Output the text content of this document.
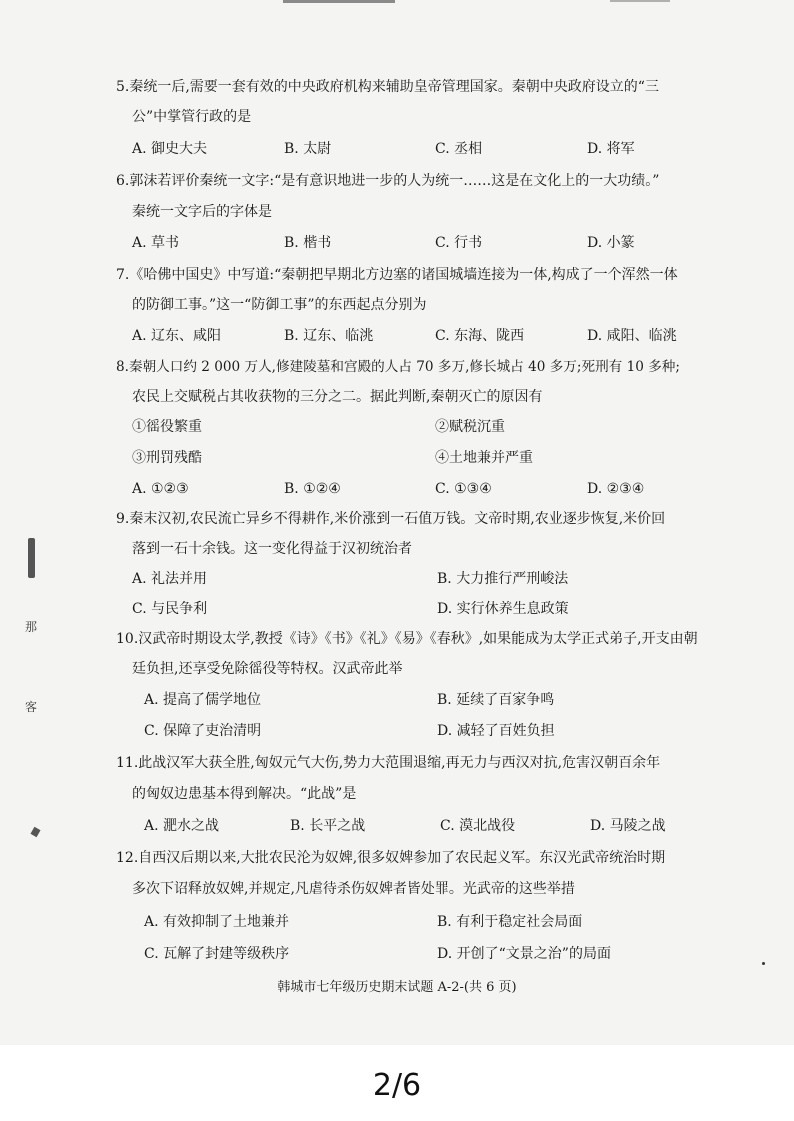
5.秦统一后,需要一套有效的中央政府机构来辅助皇帝管理国家。秦朝中央政府设立的“三
公”中掌管行政的是
A. 御史大夫	B. 太尉	C. 丞相	D. 将军
6.郭沫若评价秦统一文字:“是有意识地进一步的人为统一……这是在文化上的一大功绩。”
秦统一文字后的字体是
A. 草书	B. 楷书	C. 行书	D. 小篆
7.《哈佛中国史》中写道:“秦朝把早期北方边塞的诸国城墙连接为一体,构成了一个浑然一体
的防御工事。”这一“防御工事”的东西起点分别为
A. 辽东、咸阳	B. 辽东、临洮	C. 东海、陇西	D. 咸阳、临洮
8.秦朝人口约 2 000 万人,修建陵墓和宫殿的人占 70 多万,修长城占 40 多万;死刑有 10 多种;
农民上交赋税占其收获物的三分之二。据此判断,秦朝灭亡的原因有
①徭役繁重	②赋税沉重
③刑罚残酷	④土地兼并严重
A. ①②③	B. ①②④	C. ①③④	D. ②③④
9.秦末汉初,农民流亡异乡不得耕作,米价涨到一石值万钱。文帝时期,农业逐步恢复,米价回
落到一石十余钱。这一变化得益于汉初统治者
A. 礼法并用	B. 大力推行严刑峻法
C. 与民争利	D. 实行休养生息政策
10.汉武帝时期设太学,教授《诗》《书》《礼》《易》《春秋》,如果能成为太学正式弟子,开支由朝
廷负担,还享受免除徭役等特权。汉武帝此举
A. 提高了儒学地位	B. 延续了百家争鸣
C. 保障了吏治清明	D. 减轻了百姓负担
11.此战汉军大获全胜,匈奴元气大伤,势力大范围退缩,再无力与西汉对抗,危害汉朝百余年
的匈奴边患基本得到解决。“此战”是
A. 淝水之战	B. 长平之战	C. 漠北战役	D. 马陵之战
12.自西汉后期以来,大批农民沦为奴婢,很多奴婢参加了农民起义军。东汉光武帝统治时期
多次下诏释放奴婢,并规定,凡虐待杀伤奴婢者皆处罪。光武帝的这些举措
A. 有效抑制了土地兼并	B. 有利于稳定社会局面
C. 瓦解了封建等级秩序	D. 开创了“文景之治”的局面
那
客
韩城市七年级历史期末试题 A-2-(共 6 页)
2/6
